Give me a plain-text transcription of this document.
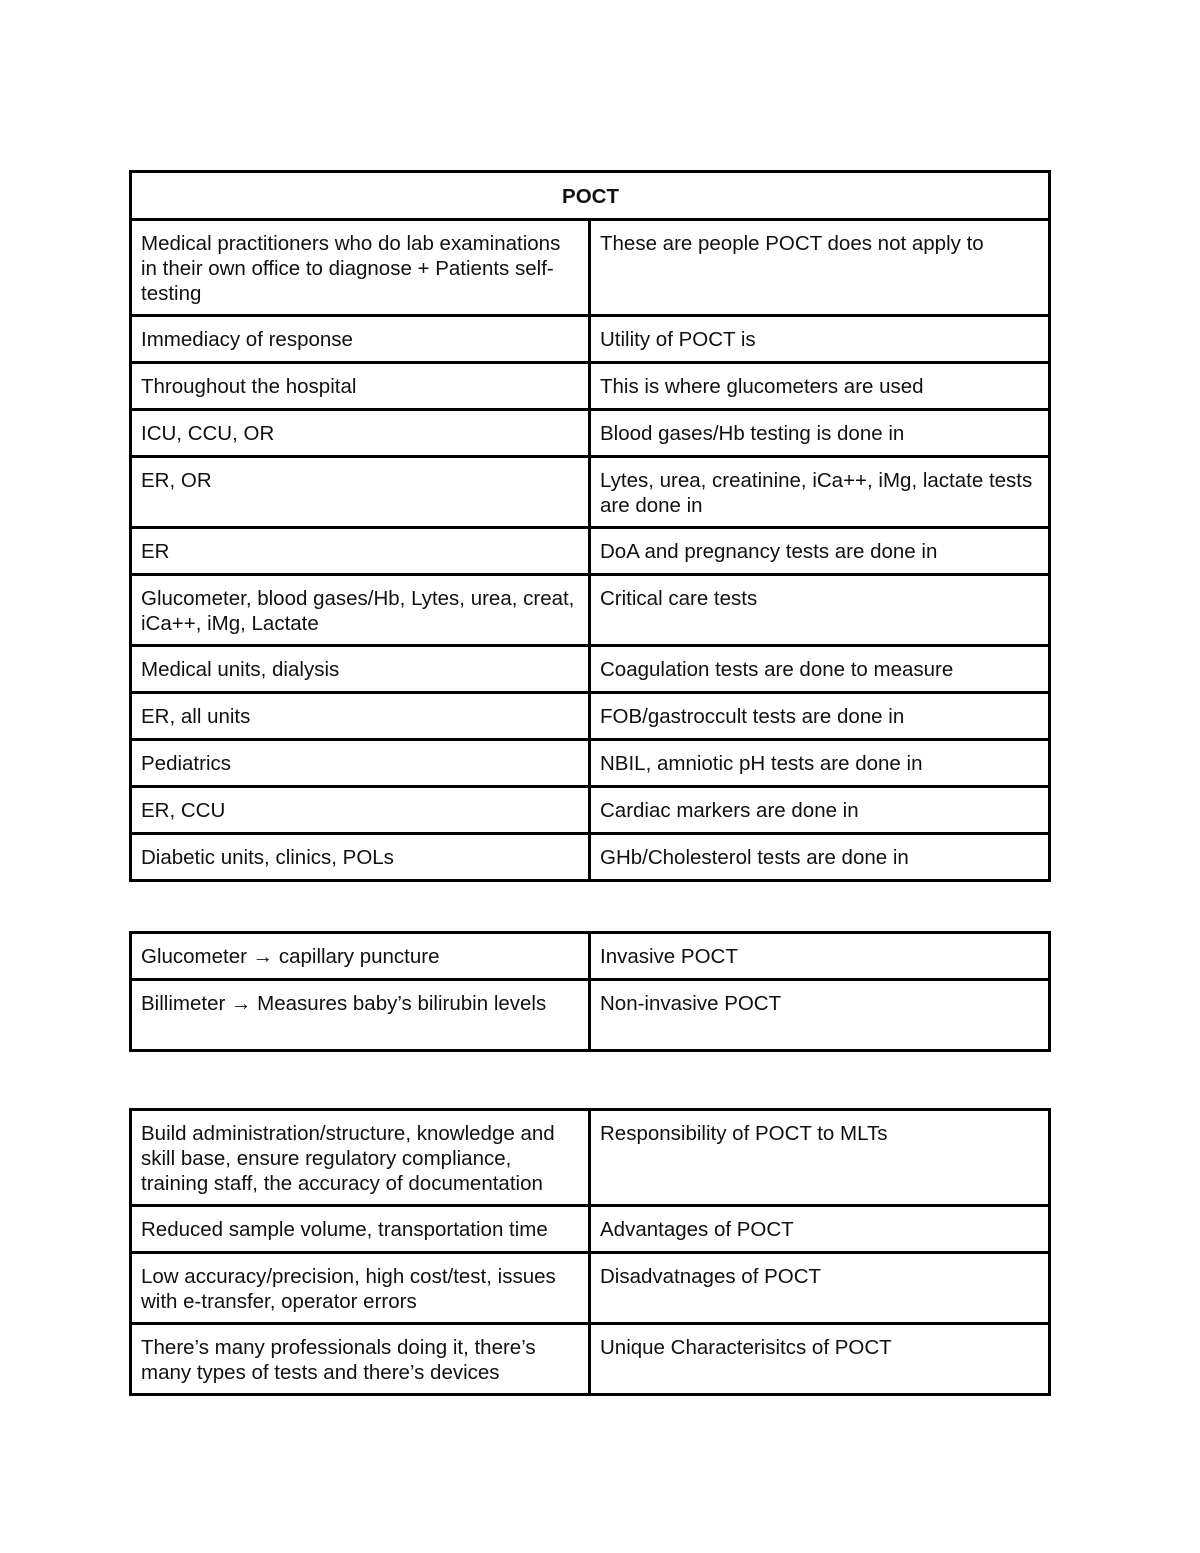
POCT	
Medical practitioners who do lab examinations in their own office to diagnose + Patients self-testing	These are people POCT does not apply to
Immediacy of response	Utility of POCT is
Throughout the hospital	This is where glucometers are used
ICU, CCU, OR	Blood gases/Hb testing is done in
ER, OR	Lytes, urea, creatinine, iCa++, iMg, lactate tests are done in
ER	DoA and pregnancy tests are done in
Glucometer, blood gases/Hb, Lytes, urea, creat, iCa++, iMg, Lactate	Critical care tests
Medical units, dialysis	Coagulation tests are done to measure
ER, all units	FOB/gastroccult tests are done in
Pediatrics	NBIL, amniotic pH tests are done in
ER, CCU	Cardiac markers are done in
Diabetic units, clinics, POLs	GHb/Cholesterol tests are done in
Glucometer → capillary puncture	Invasive POCT
Billimeter → Measures baby’s bilirubin levels	Non-invasive POCT
Build administration/structure, knowledge and skill base, ensure regulatory compliance, training staff, the accuracy of documentation	Responsibility of POCT to MLTs
Reduced sample volume, transportation time	Advantages of POCT
Low accuracy/precision, high cost/test, issues with e-transfer, operator errors	Disadvatnages of POCT
There’s many professionals doing it, there’s many types of tests and there’s devices	Unique Characterisitcs of POCT
